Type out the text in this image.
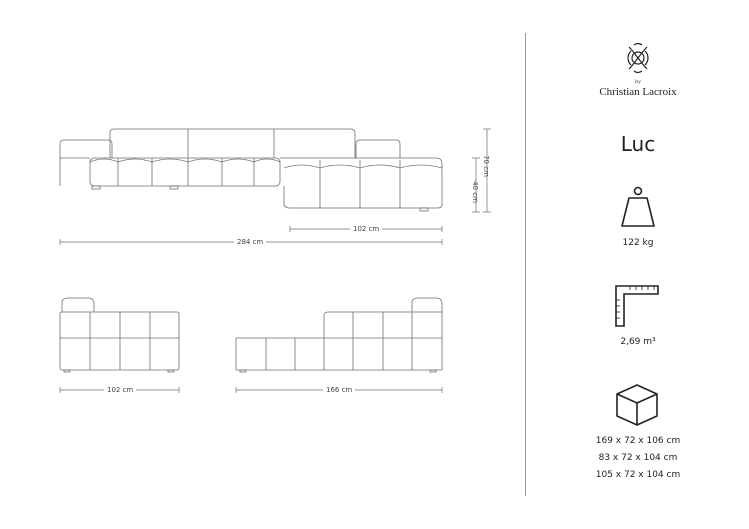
70 cm
40 cm
102 cm
284 cm
102 cm	166 cm
by
Christian Lacroix
Luc
122 kg
2,69 m³
169 x 72 x 106 cm
83 x 72 x 104 cm
105 x 72 x 104 cm
